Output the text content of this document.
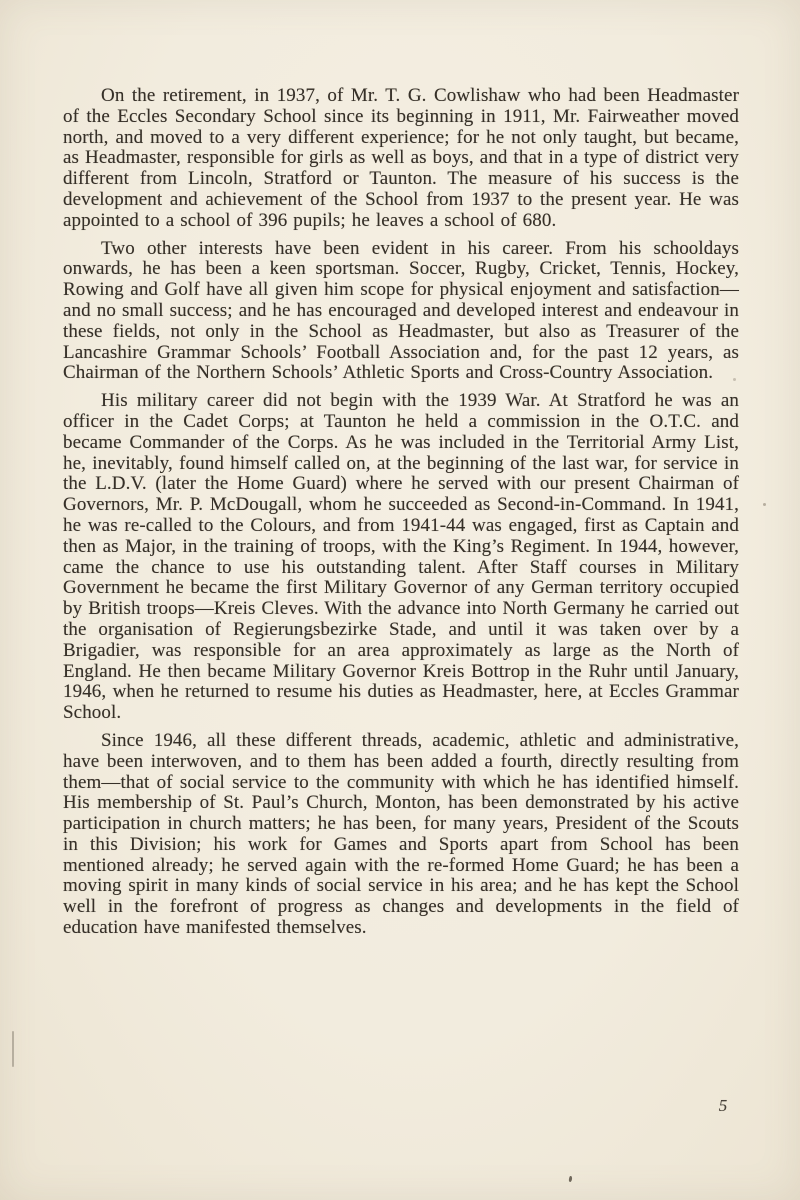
On the retirement, in 1937, of Mr. T. G. Cowlishaw who had been Headmaster of the Eccles Secondary School since its beginning in 1911, Mr. Fairweather moved north, and moved to a very different experience; for he not only taught, but became, as Headmaster, responsible for girls as well as boys, and that in a type of district very different from Lincoln, Stratford or Taunton. The measure of his success is the development and achievement of the School from 1937 to the present year. He was appointed to a school of 396 pupils; he leaves a school of 680.

Two other interests have been evident in his career. From his schooldays onwards, he has been a keen sportsman. Soccer, Rugby, Cricket, Tennis, Hockey, Rowing and Golf have all given him scope for physical enjoyment and satisfaction—and no small success; and he has encouraged and developed interest and endeavour in these fields, not only in the School as Headmaster, but also as Treasurer of the Lancashire Grammar Schools’ Football Association and, for the past 12 years, as Chairman of the Northern Schools’ Athletic Sports and Cross-Country Association.

His military career did not begin with the 1939 War. At Stratford he was an officer in the Cadet Corps; at Taunton he held a commission in the O.T.C. and became Commander of the Corps. As he was included in the Territorial Army List, he, inevitably, found himself called on, at the beginning of the last war, for service in the L.D.V. (later the Home Guard) where he served with our present Chairman of Governors, Mr. P. McDougall, whom he succeeded as Second-in-Command. In 1941, he was re-called to the Colours, and from 1941-44 was engaged, first as Captain and then as Major, in the training of troops, with the King’s Regiment. In 1944, however, came the chance to use his outstanding talent. After Staff courses in Military Government he became the first Military Governor of any German territory occupied by British troops—Kreis Cleves. With the advance into North Germany he carried out the organisation of Regierungsbezirke Stade, and until it was taken over by a Brigadier, was responsible for an area approximately as large as the North of England. He then became Military Governor Kreis Bottrop in the Ruhr until January, 1946, when he returned to resume his duties as Headmaster, here, at Eccles Grammar School.

Since 1946, all these different threads, academic, athletic and administrative, have been interwoven, and to them has been added a fourth, directly resulting from them—that of social service to the community with which he has identified himself. His membership of St. Paul’s Church, Monton, has been demonstrated by his active participation in church matters; he has been, for many years, President of the Scouts in this Division; his work for Games and Sports apart from School has been mentioned already; he served again with the re-formed Home Guard; he has been a moving spirit in many kinds of social service in his area; and he has kept the School well in the forefront of progress as changes and developments in the field of education have manifested themselves.

5
